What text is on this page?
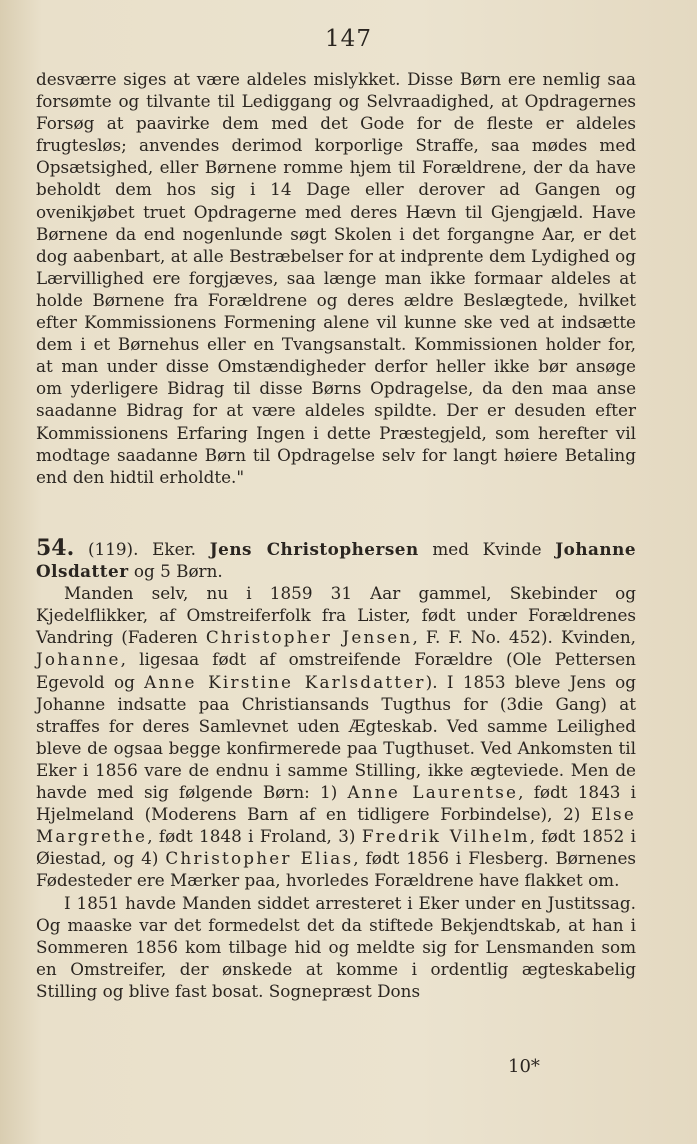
147

desværre siges at være aldeles mislykket. Disse Børn ere nemlig saa forsømte og tilvante til Lediggang og Selvraadighed, at Opdragernes Forsøg at paavirke dem med det Gode for de fleste er aldeles frugtesløs; anvendes derimod korporlige Straffe, saa mødes med Opsætsighed, eller Børnene romme hjem til Forældrene, der da have beholdt dem hos sig i 14 Dage eller derover ad Gangen og ovenikjøbet truet Opdragerne med deres Hævn til Gjengjæld. Have Børnene da end nogenlunde søgt Skolen i det forgangne Aar, er det dog aabenbart, at alle Bestræbelser for at indprente dem Lydighed og Lærvillighed ere forgjæves, saa længe man ikke formaar aldeles at holde Børnene fra Forældrene og deres ældre Beslægtede, hvilket efter Kommissionens Formening alene vil kunne ske ved at indsætte dem i et Børnehus eller en Tvangsanstalt. Kommissionen holder for, at man under disse Omstændigheder derfor heller ikke bør ansøge om yderligere Bidrag til disse Børns Opdragelse, da den maa anse saadanne Bidrag for at være aldeles spildte. Der er desuden efter Kommissionens Erfaring Ingen i dette Præstegjeld, som herefter vil modtage saadanne Børn til Opdragelse selv for langt høiere Betaling end den hidtil erholdte."

54. (119). Eker. Jens Christophersen med Kvinde Johanne Olsdatter og 5 Børn.

Manden selv, nu i 1859 31 Aar gammel, Skebinder og Kjedelflikker, af Omstreiferfolk fra Lister, født under Forældrenes Vandring (Faderen Christopher Jensen, F. F. No. 452). Kvinden, Johanne, ligesaa født af omstreifende Forældre (Ole Pettersen Egevold og Anne Kirstine Karlsdatter). I 1853 bleve Jens og Johanne indsatte paa Christiansands Tugthus for (3die Gang) at straffes for deres Samlevnet uden Ægteskab. Ved samme Leilighed bleve de ogsaa begge konfirmerede paa Tugthuset. Ved Ankomsten til Eker i 1856 vare de endnu i samme Stilling, ikke ægteviede. Men de havde med sig følgende Børn: 1) Anne Laurentse, født 1843 i Hjelmeland (Moderens Barn af en tidligere Forbindelse), 2) Else Margrethe, født 1848 i Froland, 3) Fredrik Vilhelm, født 1852 i Øiestad, og 4) Christopher Elias, født 1856 i Flesberg. Børnenes Fødesteder ere Mærker paa, hvorledes Forældrene have flakket om.

I 1851 havde Manden siddet arresteret i Eker under en Justitssag. Og maaske var det formedelst det da stiftede Bekjendtskab, at han i Sommeren 1856 kom tilbage hid og meldte sig for Lensmanden som en Omstreifer, der ønskede at komme i ordentlig ægteskabelig Stilling og blive fast bosat. Sognepræst Dons

10*
